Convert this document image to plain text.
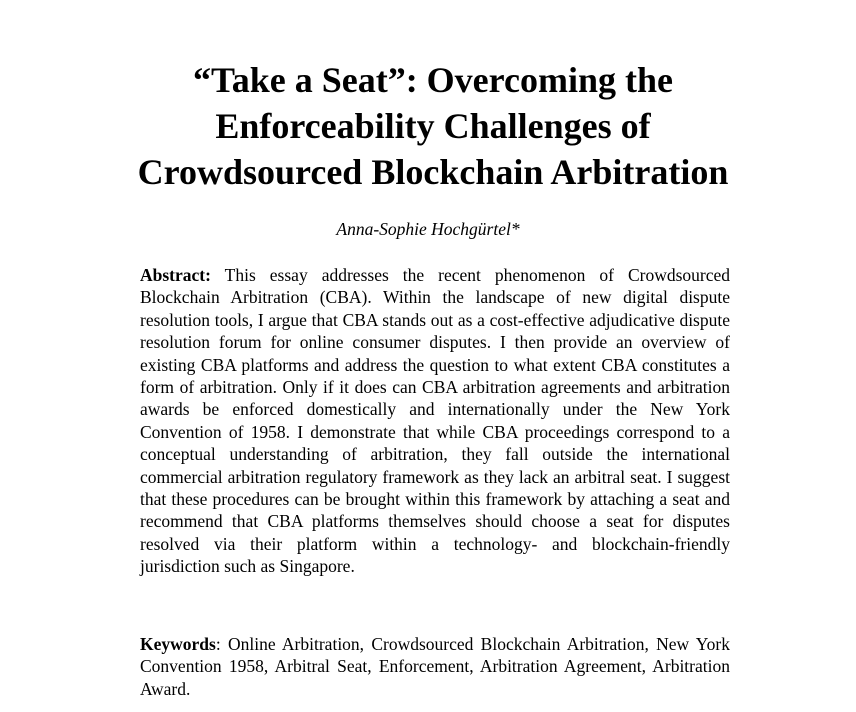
“Take a Seat”: Overcoming the
Enforceability Challenges of
Crowdsourced Blockchain Arbitration
Anna-Sophie Hochgürtel*

Abstract: This essay addresses the recent phenomenon of Crowdsourced Blockchain Arbitration (CBA). Within the landscape of new digital dispute resolution tools, I argue that CBA stands out as a cost-effective adjudicative dispute resolution forum for online consumer disputes. I then provide an overview of existing CBA platforms and address the question to what extent CBA constitutes a form of arbitration. Only if it does can CBA arbitration agreements and arbitration awards be enforced domestically and internationally under the New York Convention of 1958. I demonstrate that while CBA proceedings correspond to a conceptual understanding of arbitration, they fall outside the international commercial arbitration regulatory framework as they lack an arbitral seat. I suggest that these procedures can be brought within this framework by attaching a seat and recommend that CBA platforms themselves should choose a seat for disputes resolved via their platform within a technology- and blockchain-friendly jurisdiction such as Singapore.

Keywords: Online Arbitration, Crowdsourced Blockchain Arbitration, New York Convention 1958, Arbitral Seat, Enforcement, Arbitration Agreement, Arbitration Award.
